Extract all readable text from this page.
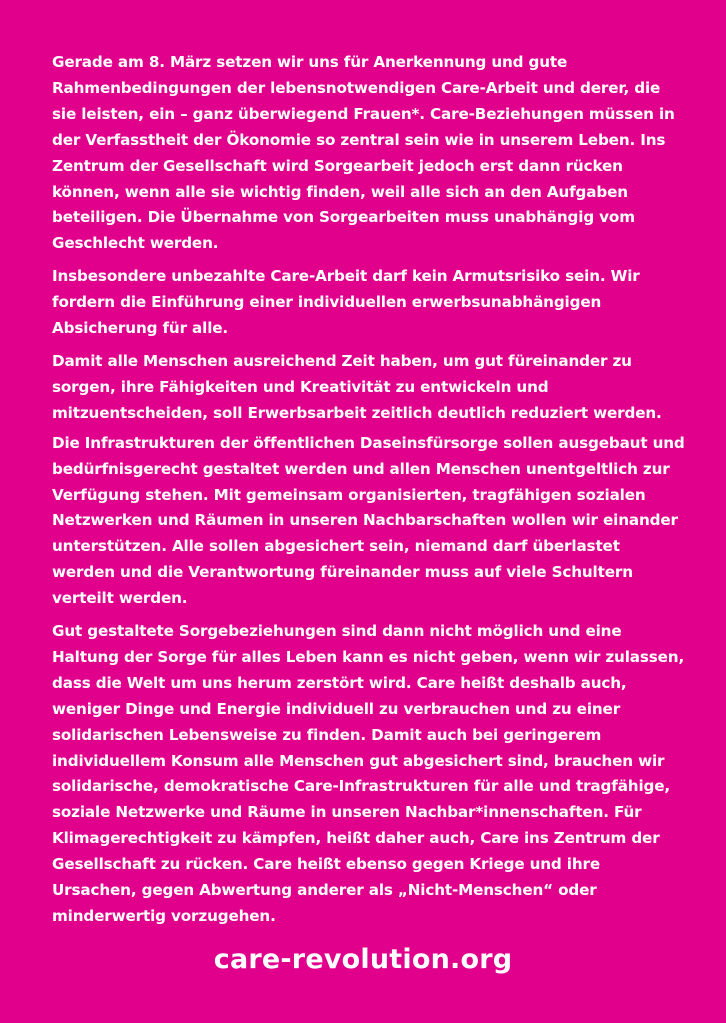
Gerade am 8. März setzen wir uns für Anerkennung und gute Rahmenbedingungen der lebensnotwendigen Care-Arbeit und derer, die sie leisten, ein – ganz überwiegend Frauen*. Care-Beziehungen müssen in der Verfasstheit der Ökonomie so zentral sein wie in unserem Leben. Ins Zentrum der Gesellschaft wird Sorgearbeit jedoch erst dann rücken können, wenn alle sie wichtig finden, weil alle sich an den Aufgaben beteiligen. Die Übernahme von Sorgearbeiten muss unabhängig vom Geschlecht werden.

Insbesondere unbezahlte Care-Arbeit darf kein Armutsrisiko sein. Wir fordern die Einführung einer individuellen erwerbsunabhängigen Absicherung für alle.

Damit alle Menschen ausreichend Zeit haben, um gut füreinander zu sorgen, ihre Fähigkeiten und Kreativität zu entwickeln und mitzuentscheiden, soll Erwerbsarbeit zeitlich deutlich reduziert werden.

Die Infrastrukturen der öffentlichen Daseinsfürsorge sollen ausgebaut und bedürfnisgerecht gestaltet werden und allen Menschen unentgeltlich zur Verfügung stehen. Mit gemeinsam organisierten, tragfähigen sozialen Netzwerken und Räumen in unseren Nachbarschaften wollen wir einander unterstützen. Alle sollen abgesichert sein, niemand darf überlastet werden und die Verantwortung füreinander muss auf viele Schultern verteilt werden.

Gut gestaltete Sorgebeziehungen sind dann nicht möglich und eine Haltung der Sorge für alles Leben kann es nicht geben, wenn wir zulassen, dass die Welt um uns herum zerstört wird. Care heißt deshalb auch, weniger Dinge und Energie individuell zu verbrauchen und zu einer solidarischen Lebensweise zu finden. Damit auch bei geringerem individuellem Konsum alle Menschen gut abgesichert sind, brauchen wir solidarische, demokratische Care-Infrastrukturen für alle und tragfähige, soziale Netzwerke und Räume in unseren Nachbar*innenschaften. Für Klimagerechtigkeit zu kämpfen, heißt daher auch, Care ins Zentrum der Gesellschaft zu rücken. Care heißt ebenso gegen Kriege und ihre Ursachen, gegen Abwertung anderer als „Nicht-Menschen“ oder minderwertig vorzugehen.

care-revolution.org
